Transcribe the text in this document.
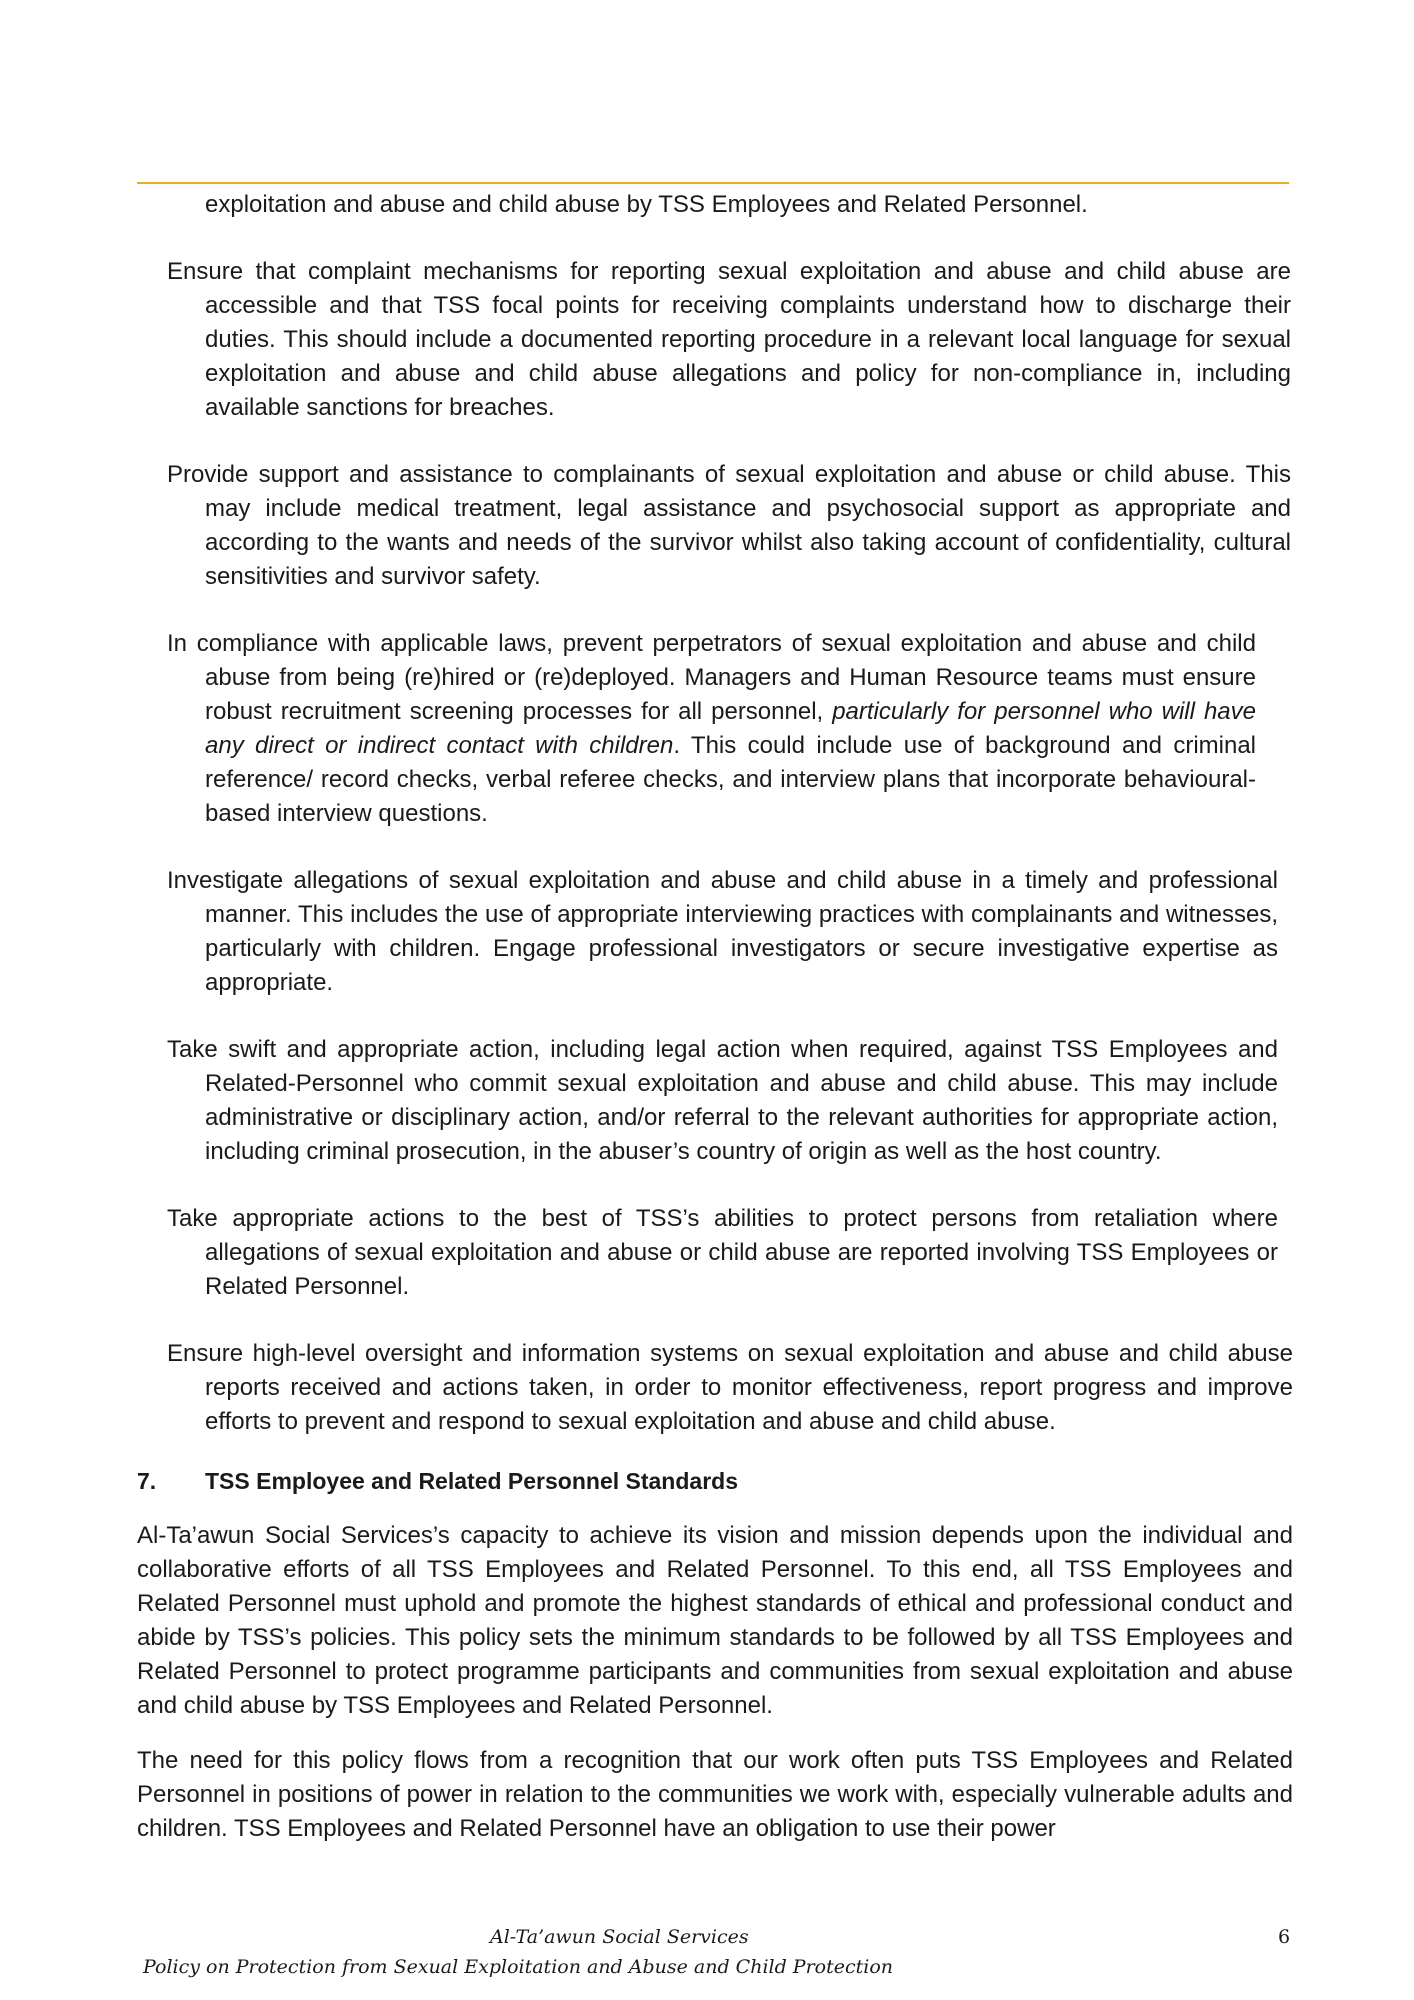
exploitation and abuse and child abuse by TSS Employees and Related Personnel.

Ensure that complaint mechanisms for reporting sexual exploitation and abuse and child abuse are accessible and that TSS focal points for receiving complaints understand how to discharge their duties. This should include a documented reporting procedure in a relevant local language for sexual exploitation and abuse and child abuse allegations and policy for non-compliance in, including available sanctions for breaches.

Provide support and assistance to complainants of sexual exploitation and abuse or child abuse. This may include medical treatment, legal assistance and psychosocial support as appropriate and according to the wants and needs of the survivor whilst also taking account of confidentiality, cultural sensitivities and survivor safety.

In compliance with applicable laws, prevent perpetrators of sexual exploitation and abuse and child abuse from being (re)hired or (re)deployed. Managers and Human Resource teams must ensure robust recruitment screening processes for all personnel, particularly for personnel who will have any direct or indirect contact with children. This could include use of background and criminal reference/ record checks, verbal referee checks, and interview plans that incorporate behavioural-based interview questions.

Investigate allegations of sexual exploitation and abuse and child abuse in a timely and professional manner. This includes the use of appropriate interviewing practices with complainants and witnesses, particularly with children. Engage professional investigators or secure investigative expertise as appropriate.

Take swift and appropriate action, including legal action when required, against TSS Employees and Related-Personnel who commit sexual exploitation and abuse and child abuse. This may include administrative or disciplinary action, and/or referral to the relevant authorities for appropriate action, including criminal prosecution, in the abuser’s country of origin as well as the host country.

Take appropriate actions to the best of TSS’s abilities to protect persons from retaliation where allegations of sexual exploitation and abuse or child abuse are reported involving TSS Employees or Related Personnel.

Ensure high-level oversight and information systems on sexual exploitation and abuse and child abuse reports received and actions taken, in order to monitor effectiveness, report progress and improve efforts to prevent and respond to sexual exploitation and abuse and child abuse.

7.	TSS Employee and Related Personnel Standards

Al-Ta’awun Social Services’s capacity to achieve its vision and mission depends upon the individual and collaborative efforts of all TSS Employees and Related Personnel. To this end, all TSS Employees and Related Personnel must uphold and promote the highest standards of ethical and professional conduct and abide by TSS’s policies. This policy sets the minimum standards to be followed by all TSS Employees and Related Personnel to protect programme participants and communities from sexual exploitation and abuse and child abuse by TSS Employees and Related Personnel.

The need for this policy flows from a recognition that our work often puts TSS Employees and Related Personnel in positions of power in relation to the communities we work with, especially vulnerable adults and children. TSS Employees and Related Personnel have an obligation to use their power

Al-Ta’awun Social Services	6
Policy on Protection from Sexual Exploitation and Abuse and Child Protection
